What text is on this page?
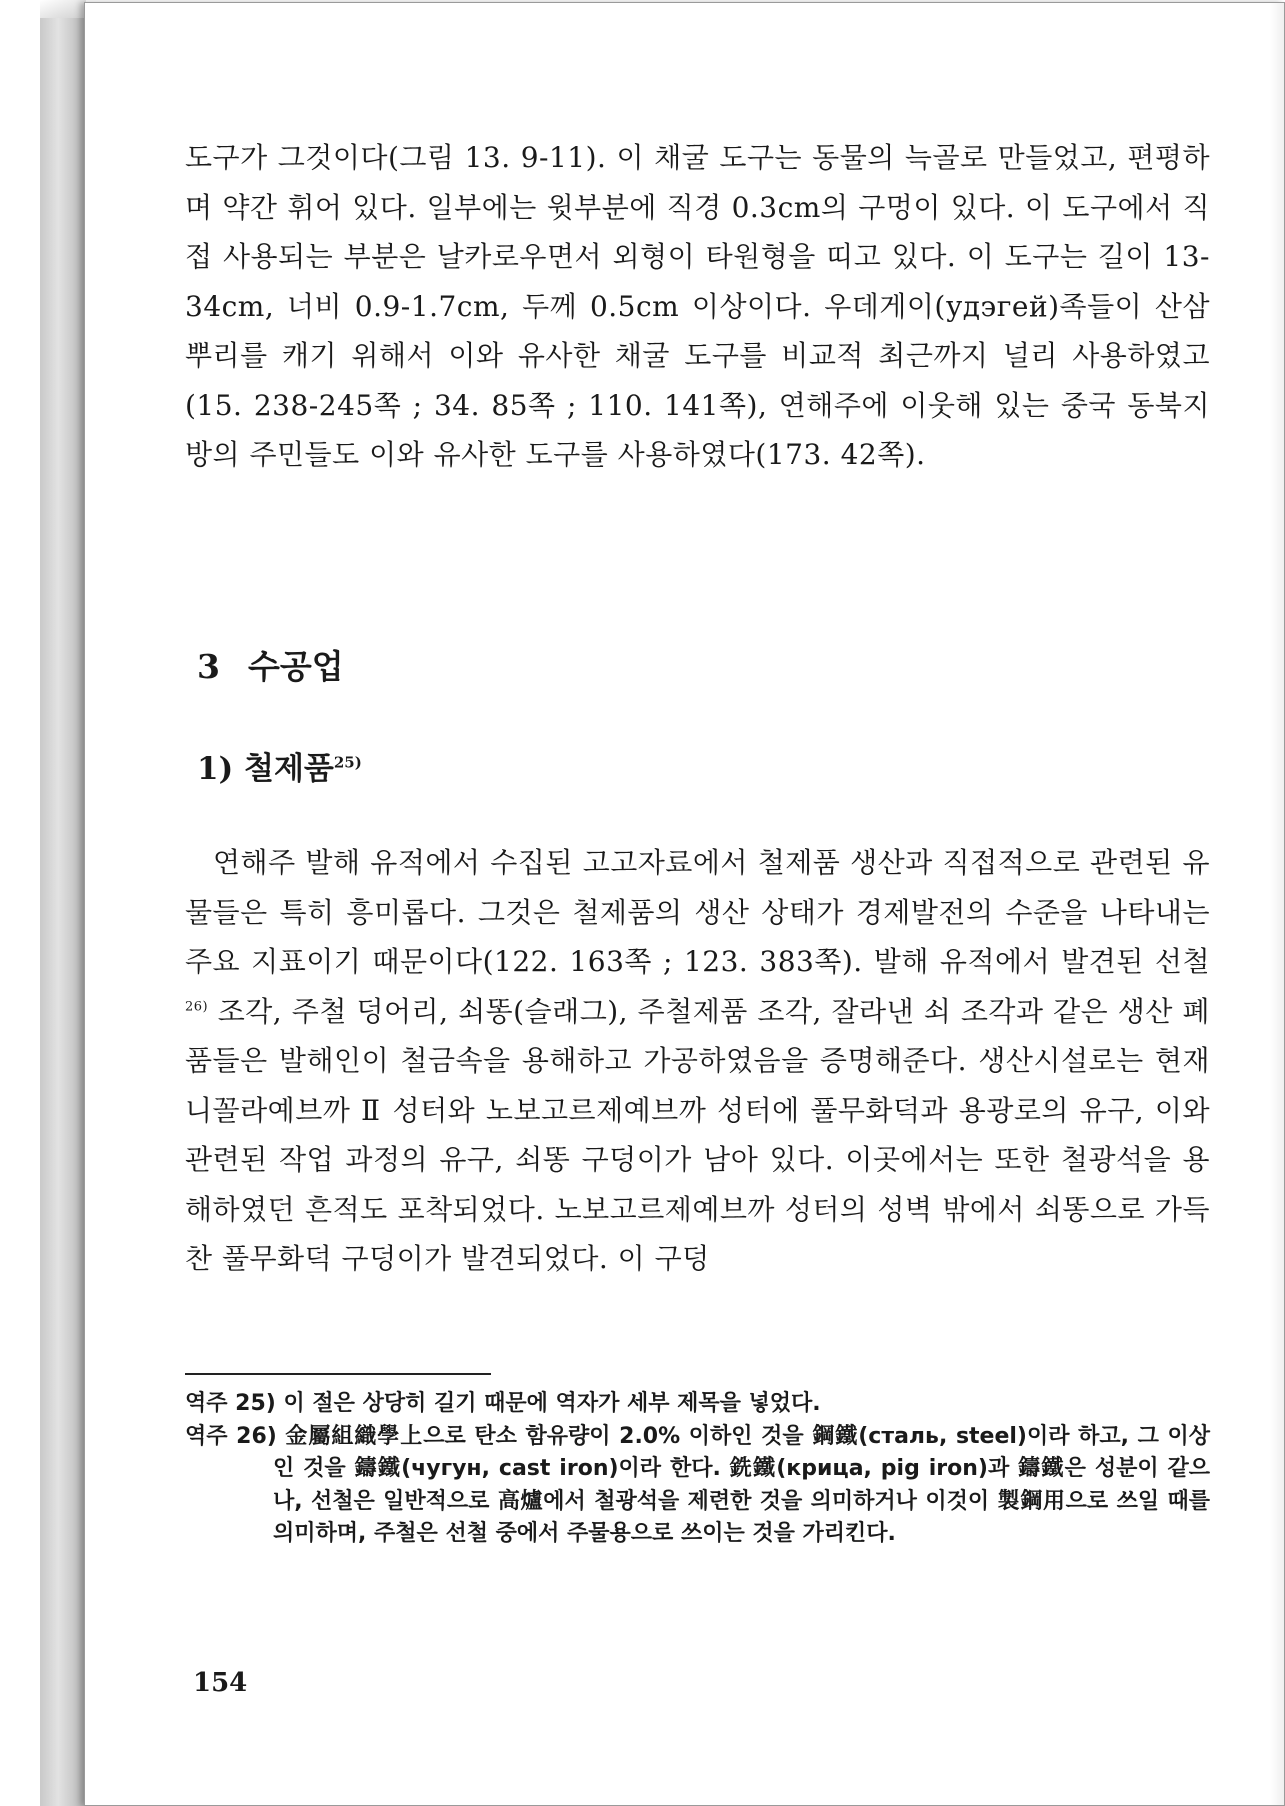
도구가 그것이다(그림 13. 9-11). 이 채굴 도구는 동물의 늑골로 만들었고, 편평하며 약간 휘어 있다. 일부에는 윗부분에 직경 0.3cm의 구멍이 있다. 이 도구에서 직접 사용되는 부분은 날카로우면서 외형이 타원형을 띠고 있다. 이 도구는 길이 13-34cm, 너비 0.9-1.7cm, 두께 0.5cm 이상이다. 우데게이(удэгей)족들이 산삼 뿌리를 캐기 위해서 이와 유사한 채굴 도구를 비교적 최근까지 널리 사용하였고(15. 238-245쪽 ; 34. 85쪽 ; 110. 141쪽), 연해주에 이웃해 있는 중국 동북지방의 주민들도 이와 유사한 도구를 사용하였다(173. 42쪽).

3 수공업
1) 철제품$^{25)}$

연해주 발해 유적에서 수집된 고고자료에서 철제품 생산과 직접적으로 관련된 유물들은 특히 흥미롭다. 그것은 철제품의 생산 상태가 경제발전의 수준을 나타내는 주요 지표이기 때문이다(122. 163쪽 ; 123. 383쪽). 발해 유적에서 발견된 선철$^{26)}$ 조각, 주철 덩어리, 쇠똥(슬래그), 주철제품 조각, 잘라낸 쇠 조각과 같은 생산 폐품들은 발해인이 철금속을 용해하고 가공하였음을 증명해준다. 생산시설로는 현재 니꼴라예브까 Ⅱ 성터와 노보고르제예브까 성터에 풀무화덕과 용광로의 유구, 이와 관련된 작업 과정의 유구, 쇠똥 구덩이가 남아 있다. 이곳에서는 또한 철광석을 용해하였던 흔적도 포착되었다. 노보고르제예브까 성터의 성벽 밖에서 쇠똥으로 가득찬 풀무화덕 구덩이가 발견되었다. 이 구덩

역주 25) 이 절은 상당히 길기 때문에 역자가 세부 제목을 넣었다.

역주 26) 金屬組織學上으로 탄소 함유량이 2.0% 이하인 것을 鋼鐵(сталь, steel)이라 하고, 그 이상인 것을 鑄鐵(чугун, cast iron)이라 한다. 銑鐵(крица, pig iron)과 鑄鐵은 성분이 같으나, 선철은 일반적으로 高爐에서 철광석을 제련한 것을 의미하거나 이것이 製鋼用으로 쓰일 때를 의미하며, 주철은 선철 중에서 주물용으로 쓰이는 것을 가리킨다.

154
